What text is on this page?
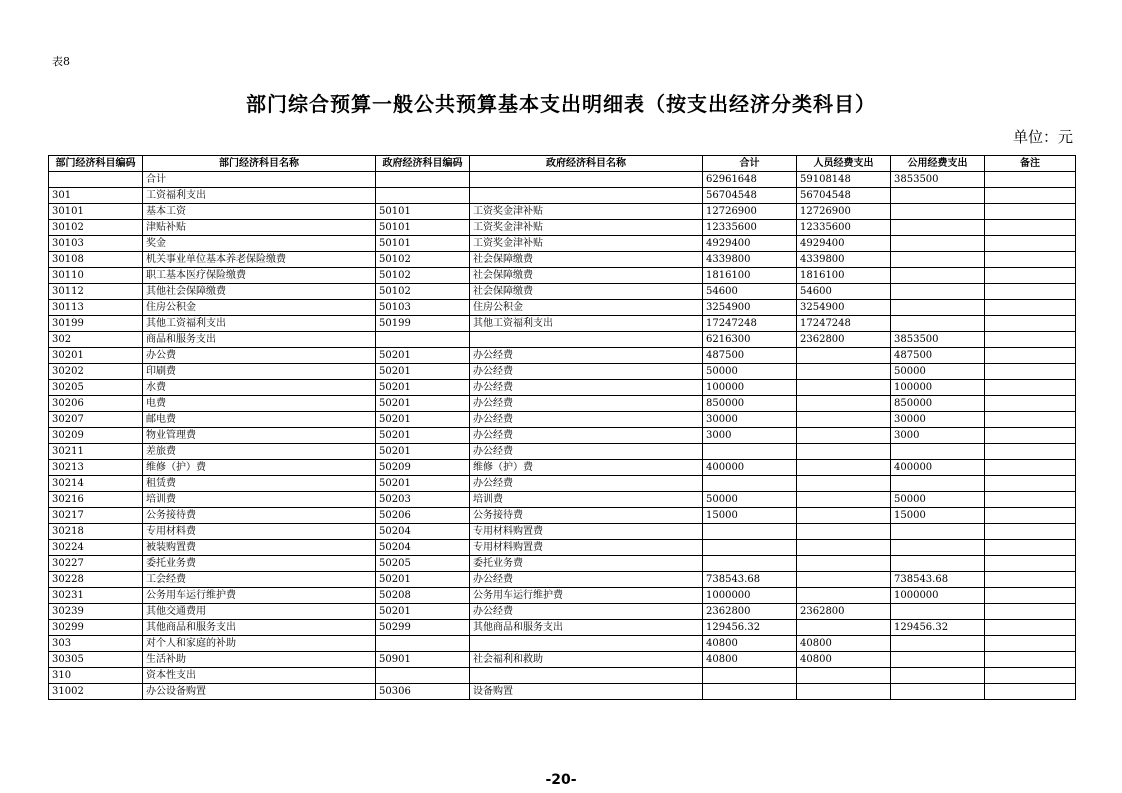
表8
部门综合预算一般公共预算基本支出明细表（按支出经济分类科目）
单位：元
部门经济科目编码	部门经济科目名称	政府经济科目编码	政府经济科目名称	合计	人员经费支出	公用经费支出	备注
	合计			62961648	59108148	3853500	
301	工资福利支出			56704548	56704548		
30101	基本工资	50101	工资奖金津补贴	12726900	12726900		
30102	津贴补贴	50101	工资奖金津补贴	12335600	12335600		
30103	奖金	50101	工资奖金津补贴	4929400	4929400		
30108	机关事业单位基本养老保险缴费	50102	社会保障缴费	4339800	4339800		
30110	职工基本医疗保险缴费	50102	社会保障缴费	1816100	1816100		
30112	其他社会保障缴费	50102	社会保障缴费	54600	54600		
30113	住房公积金	50103	住房公积金	3254900	3254900		
30199	其他工资福利支出	50199	其他工资福利支出	17247248	17247248		
302	商品和服务支出			6216300	2362800	3853500	
30201	办公费	50201	办公经费	487500		487500	
30202	印刷费	50201	办公经费	50000		50000	
30205	水费	50201	办公经费	100000		100000	
30206	电费	50201	办公经费	850000		850000	
30207	邮电费	50201	办公经费	30000		30000	
30209	物业管理费	50201	办公经费	3000		3000	
30211	差旅费	50201	办公经费				
30213	维修（护）费	50209	维修（护）费	400000		400000	
30214	租赁费	50201	办公经费				
30216	培训费	50203	培训费	50000		50000	
30217	公务接待费	50206	公务接待费	15000		15000	
30218	专用材料费	50204	专用材料购置费				
30224	被装购置费	50204	专用材料购置费				
30227	委托业务费	50205	委托业务费				
30228	工会经费	50201	办公经费	738543.68		738543.68	
30231	公务用车运行维护费	50208	公务用车运行维护费	1000000		1000000	
30239	其他交通费用	50201	办公经费	2362800	2362800		
30299	其他商品和服务支出	50299	其他商品和服务支出	129456.32		129456.32	
303	对个人和家庭的补助			40800	40800		
30305	生活补助	50901	社会福利和救助	40800	40800		
310	资本性支出						
31002	办公设备购置	50306	设备购置				
-20-
